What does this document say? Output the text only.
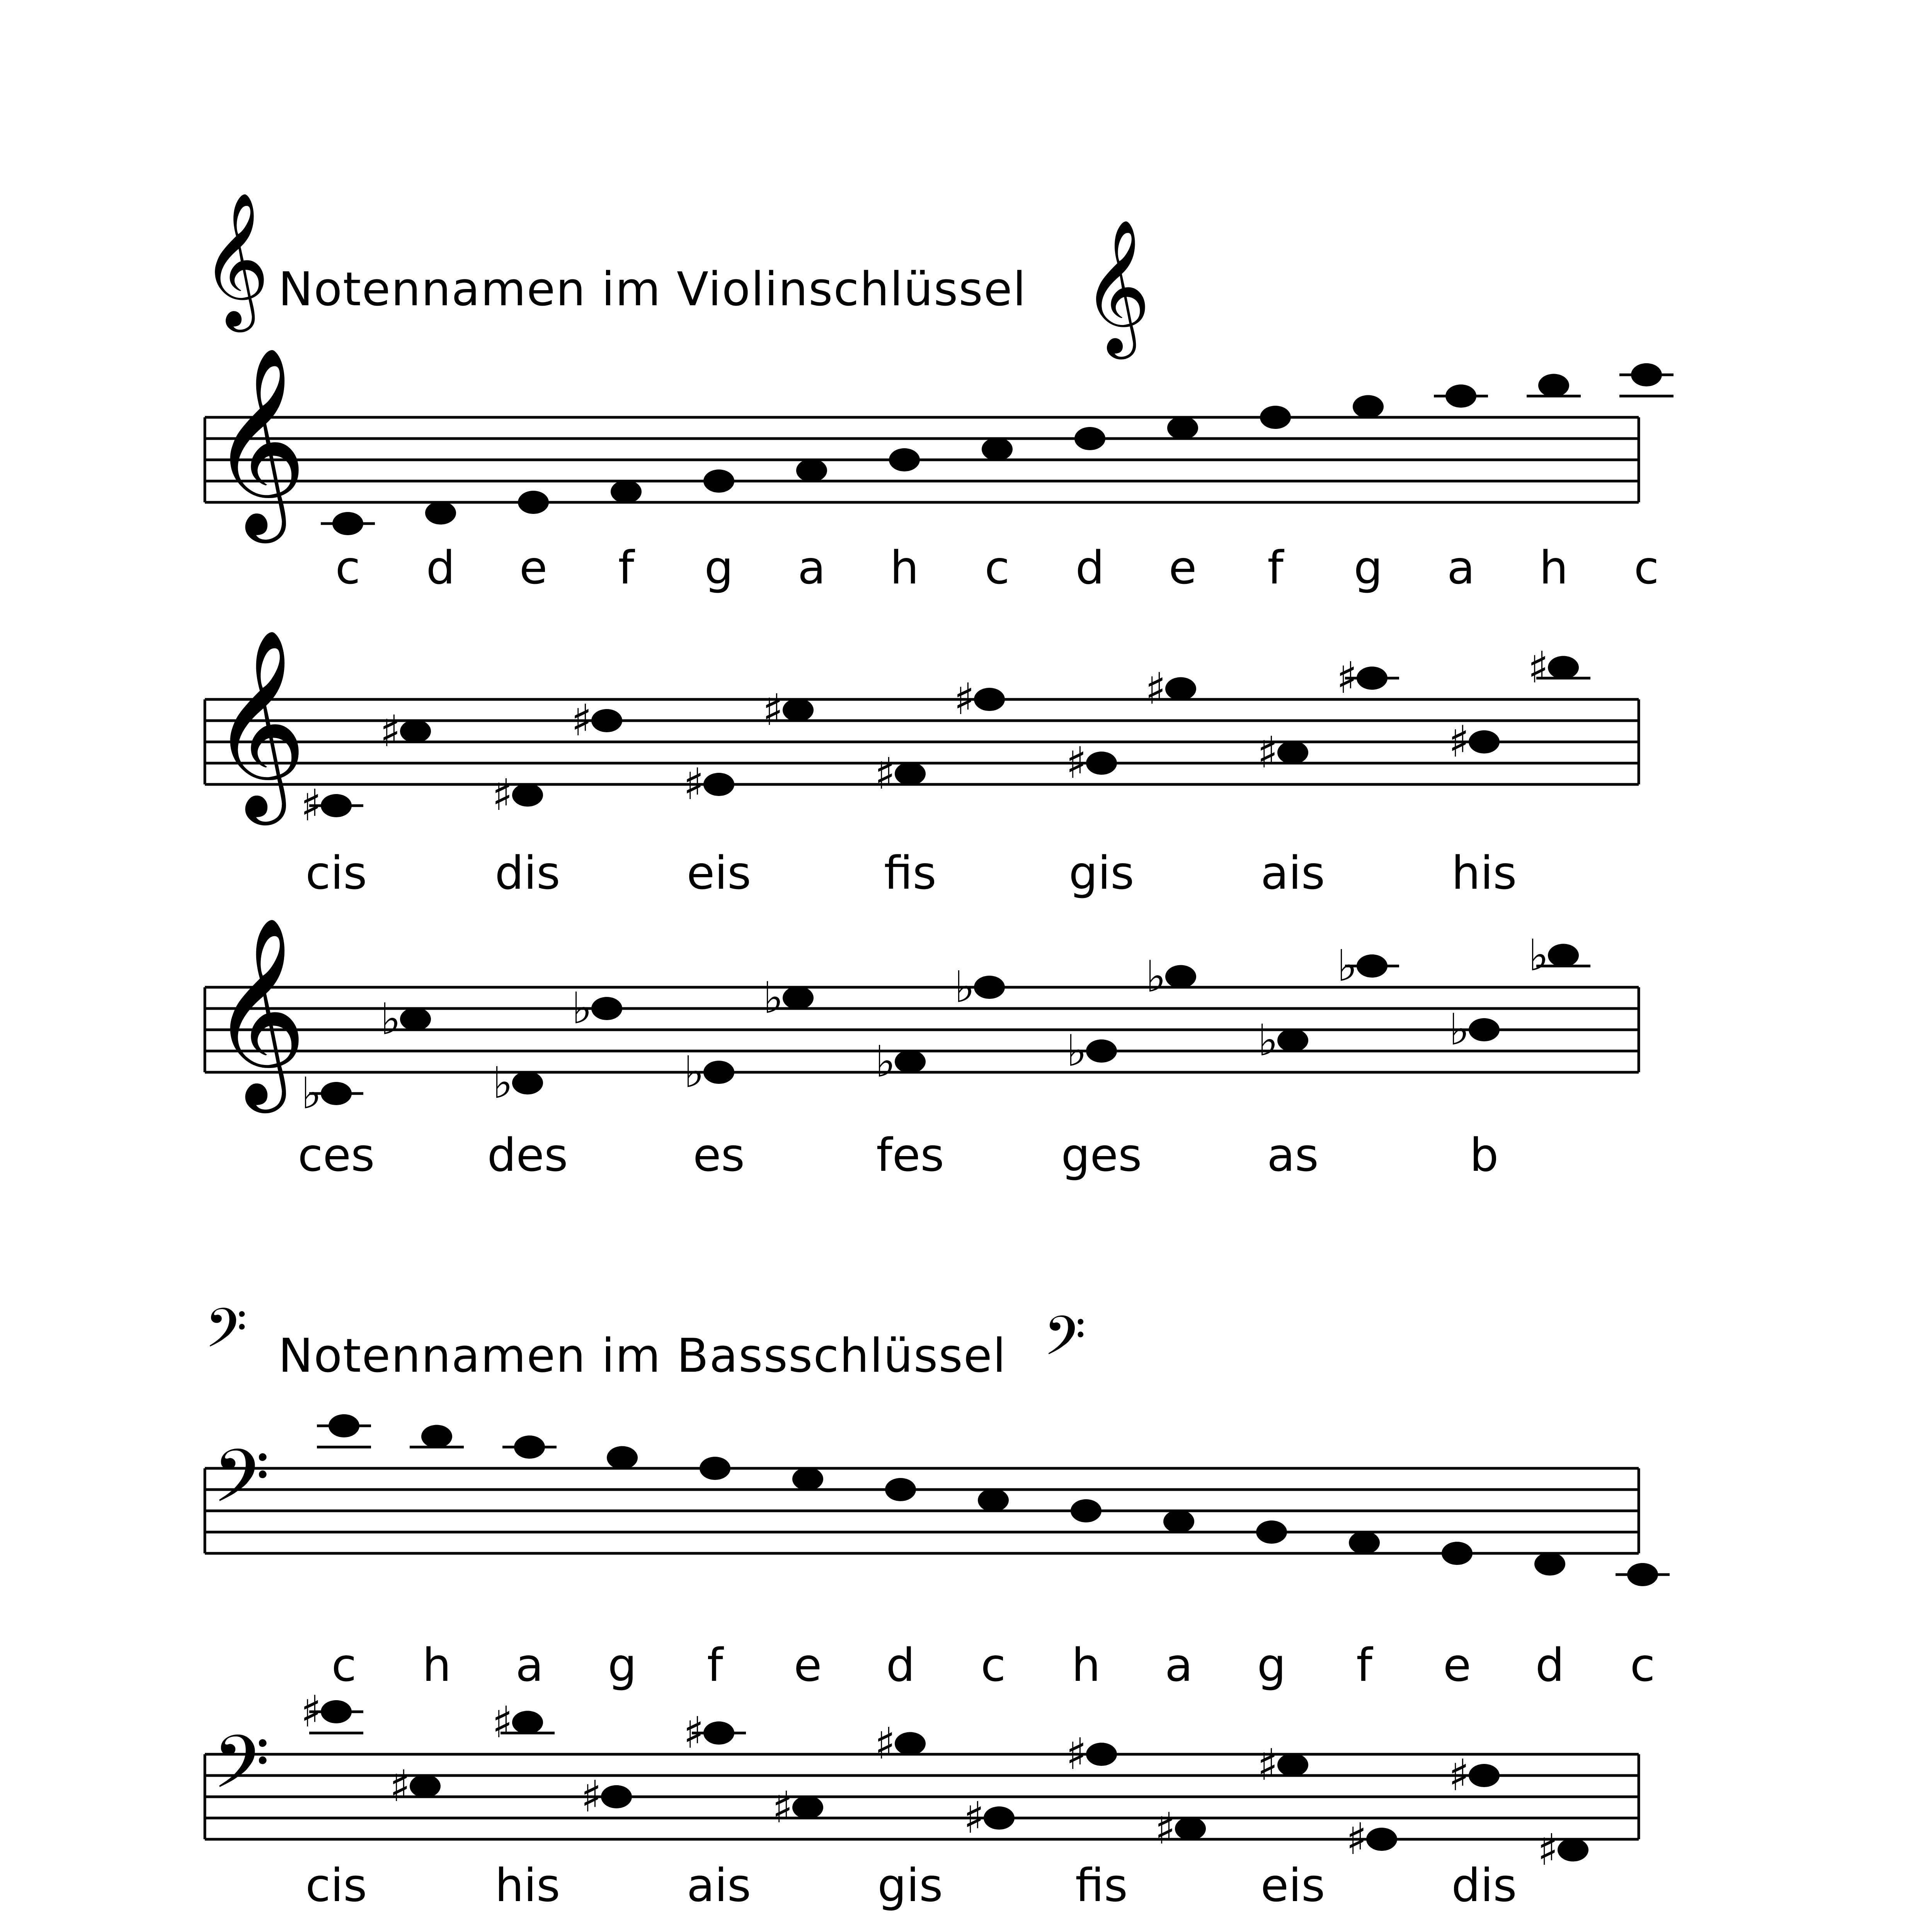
𝄞 Notennamen im Violinschlüssel 𝄞
𝄢 Notennamen im Bassschlüssel 𝄢
𝄞
c d e f g a h c d e f g a h c
𝄞
♯
♯
cis
♯
♯
dis
♯
♯
eis
♯
♯
fis
♯
♯
gis
♯
♯
ais
♯
♯
his
𝄞
♭
♭
ces
♭
♭
des
♭
♭
es
♭
♭
fes
♭
♭
ges
♭
♭
as
♭
♭
b
𝄢
c h a g f e d c h a g f e d c
𝄢
♯
♯
cis
♯
♯
his
♯
♯
ais
♯
♯
gis
♯
♯
fis
♯
♯
eis
♯
♯
dis
